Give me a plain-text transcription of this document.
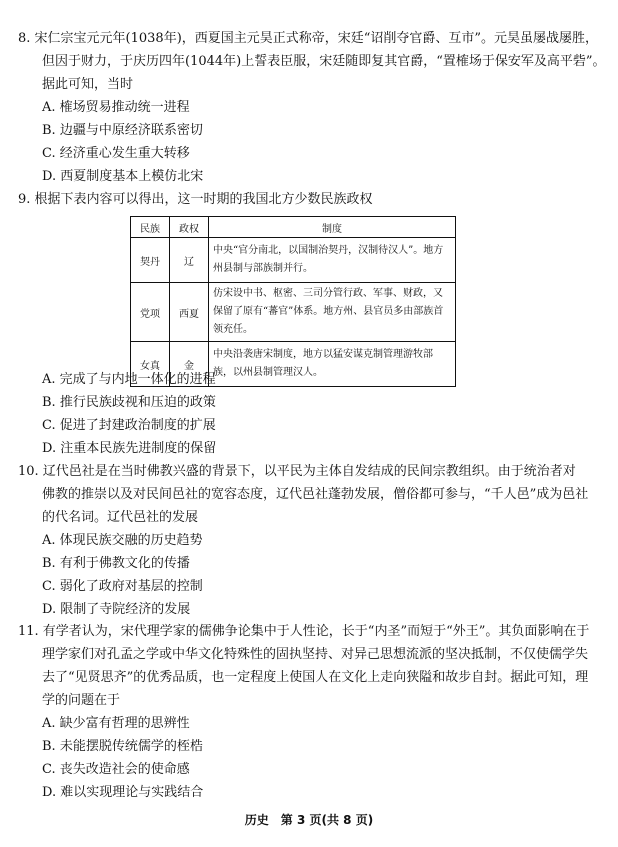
8. 宋仁宗宝元元年(1038年)，西夏国主元昊正式称帝，宋廷“诏削夺官爵、互市”。元昊虽屡战屡胜，
但因于财力，于庆历四年(1044年)上誓表臣服，宋廷随即复其官爵，“置榷场于保安军及高平砦”。
据此可知，当时
A. 榷场贸易推动统一进程
B. 边疆与中原经济联系密切
C. 经济重心发生重大转移
D. 西夏制度基本上模仿北宋
9. 根据下表内容可以得出，这一时期的我国北方少数民族政权
民族	政权	制度
契丹	辽	中央“官分南北，以国制治契丹，汉制待汉人”。地方州县制与部族制并行。
党项	西夏	仿宋设中书、枢密、三司分管行政、军事、财政，又保留了原有“蕃官”体系。地方州、县官员多由部族首领充任。
女真	金	中央沿袭唐宋制度，地方以猛安谋克制管理游牧部族，以州县制管理汉人。
A. 完成了与内地一体化的进程
B. 推行民族歧视和压迫的政策
C. 促进了封建政治制度的扩展
D. 注重本民族先进制度的保留
10. 辽代邑社是在当时佛教兴盛的背景下，以平民为主体自发结成的民间宗教组织。由于统治者对
佛教的推崇以及对民间邑社的宽容态度，辽代邑社蓬勃发展，僧俗都可参与，“千人邑”成为邑社
的代名词。辽代邑社的发展
A. 体现民族交融的历史趋势
B. 有利于佛教文化的传播
C. 弱化了政府对基层的控制
D. 限制了寺院经济的发展
11. 有学者认为，宋代理学家的儒佛争论集中于人性论，长于“内圣”而短于“外王”。其负面影响在于
理学家们对孔孟之学或中华文化特殊性的固执坚持、对异己思想流派的坚决抵制，不仅使儒学失
去了“见贤思齐”的优秀品质，也一定程度上使国人在文化上走向狭隘和故步自封。据此可知，理
学的问题在于
A. 缺少富有哲理的思辨性
B. 未能摆脱传统儒学的桎梏
C. 丧失改造社会的使命感
D. 难以实现理论与实践结合
历史　第 3 页(共 8 页)
